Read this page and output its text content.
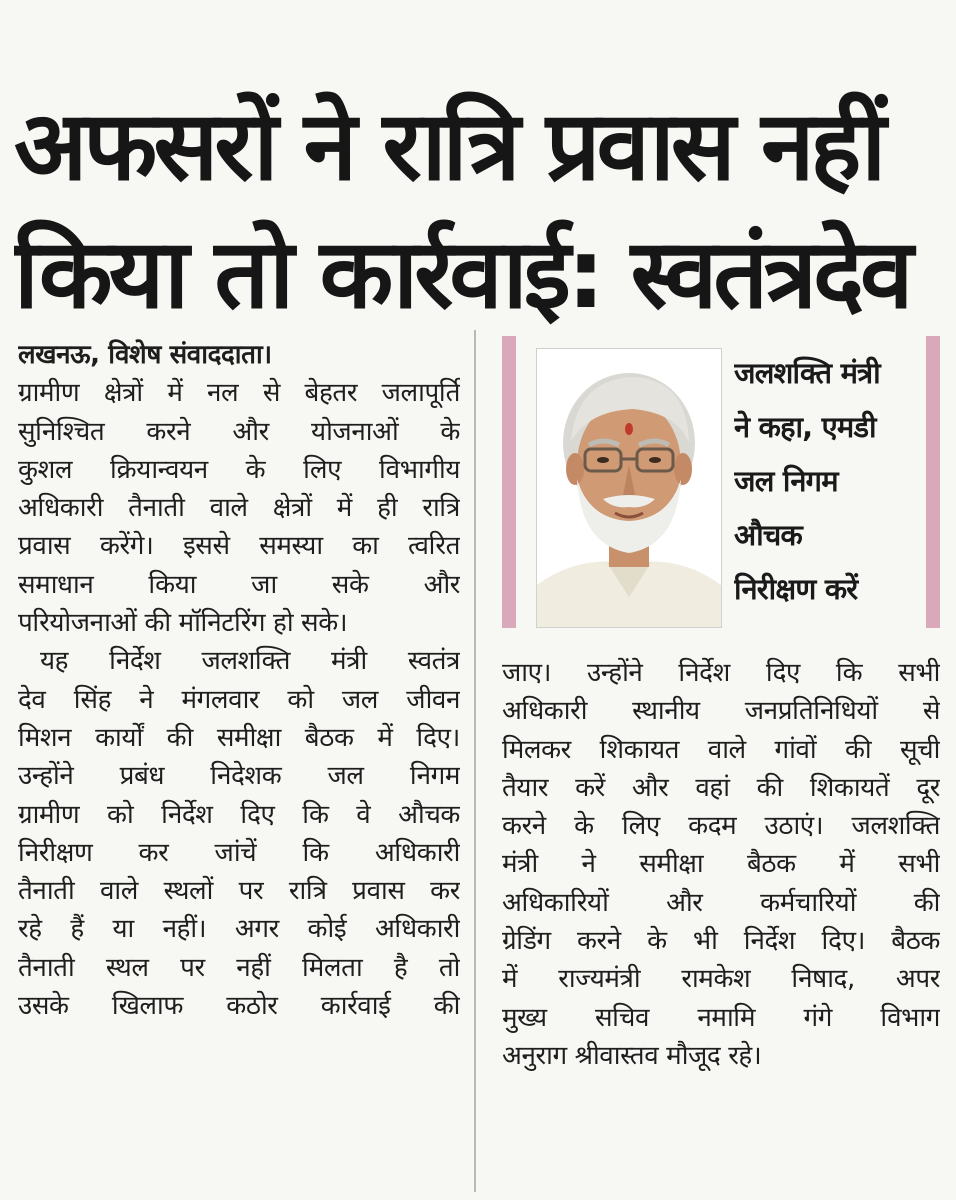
अफसरों ने रात्रि प्रवास नहीं
किया तो कार्रवाई: स्वतंत्रदेव
लखनऊ, विशेष संवाददाता।
ग्रामीण क्षेत्रों में नल से बेहतर जलापूर्ति
सुनिश्चित करने और योजनाओं के
कुशल क्रियान्वयन के लिए विभागीय
अधिकारी तैनाती वाले क्षेत्रों में ही रात्रि
प्रवास करेंगे। इससे समस्या का त्वरित
समाधान किया जा सके और
परियोजनाओं की मॉनिटरिंग हो सके।
यह निर्देश जलशक्ति मंत्री स्वतंत्र
देव सिंह ने मंगलवार को जल जीवन
मिशन कार्यों की समीक्षा बैठक में दिए।
उन्होंने प्रबंध निदेशक जल निगम
ग्रामीण को निर्देश दिए कि वे औचक
निरीक्षण कर जांचें कि अधिकारी
तैनाती वाले स्थलों पर रात्रि प्रवास कर
रहे हैं या नहीं। अगर कोई अधिकारी
तैनाती स्थल पर नहीं मिलता है तो
उसके खिलाफ कठोर कार्रवाई की
जलशक्ति मंत्री
ने कहा, एमडी
जल निगम
औचक
निरीक्षण करें
जाए। उन्होंने निर्देश दिए कि सभी
अधिकारी स्थानीय जनप्रतिनिधियों से
मिलकर शिकायत वाले गांवों की सूची
तैयार करें और वहां की शिकायतें दूर
करने के लिए कदम उठाएं। जलशक्ति
मंत्री ने समीक्षा बैठक में सभी
अधिकारियों और कर्मचारियों की
ग्रेडिंग करने के भी निर्देश दिए। बैठक
में राज्यमंत्री रामकेश निषाद, अपर
मुख्य सचिव नमामि गंगे विभाग
अनुराग श्रीवास्तव मौजूद रहे।
